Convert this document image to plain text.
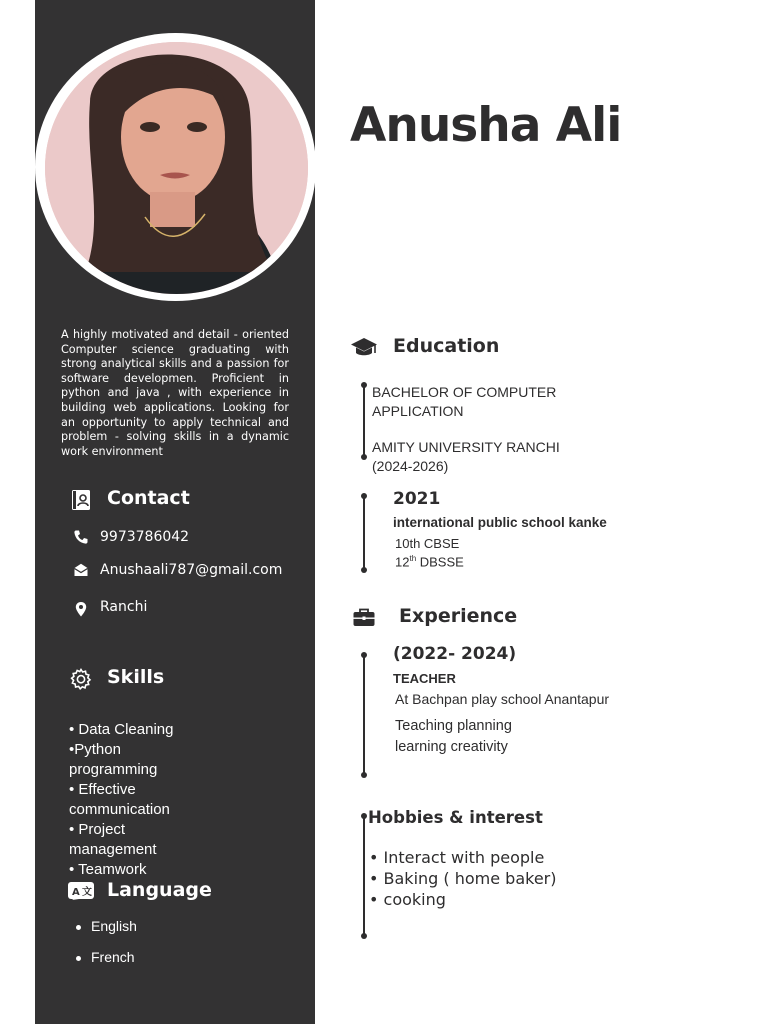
Anusha Ali

A highly motivated and detail - oriented Computer science graduating with strong analytical skills and a passion for software developmen. Proficient in python and java , with experience in building web applications. Looking for an opportunity to apply technical and problem - solving skills in a dynamic work environment

Contact
9973786042
Anushaali787@gmail.com
Ranchi
Skills
• Data Cleaning
•Python
programming
• Effective
communication
• Project
management
• Teamwork
A 文 Language
English
French
Education

BACHELOR OF COMPUTER

APPLICATION

AMITY UNIVERSITY RANCHI

(2024-2026)

2021

international public school kanke

10th CBSE

12th DBSSE

Experience

(2022- 2024)

TEACHER

At Bachpan play school Anantapur

Teaching planning

learning creativity

Hobbies & interest

• Interact with people

• Baking ( home baker)

• cooking
